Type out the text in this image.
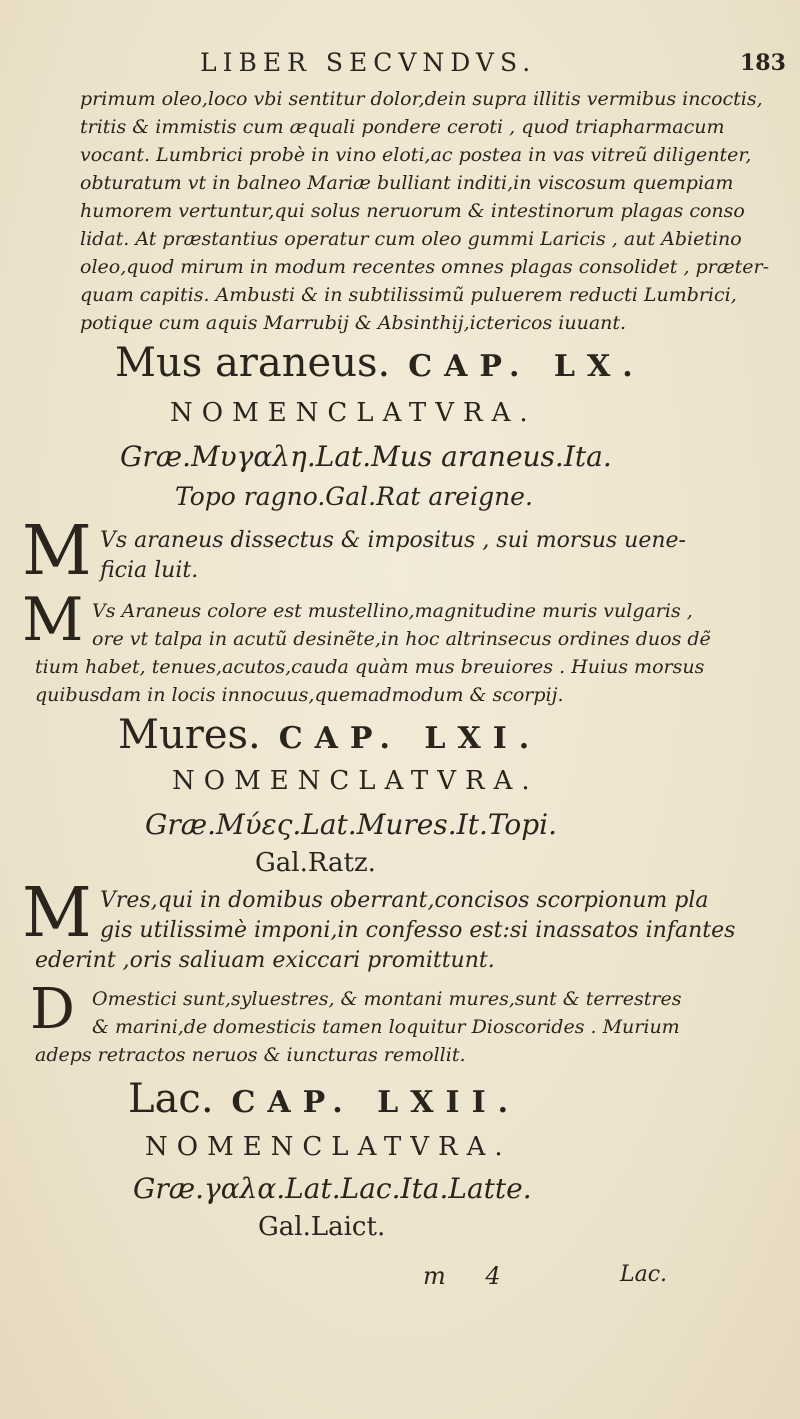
LIBER SECVNDVS.	183
primum oleo,loco vbi sentitur dolor,dein supra illitis vermibus incoctis,
tritis & immistis cum æquali pondere ceroti , quod triapharmacum
vocant. Lumbrici probè in vino eloti,ac postea in vas vitreũ diligenter,
obturatum vt in balneo Mariæ bulliant inditi,in viscosum quempiam
humorem vertuntur,qui solus neruorum & intestinorum plagas conso
lidat. At præstantius operatur cum oleo gummi Laricis , aut Abietino
oleo,quod mirum in modum recentes omnes plagas consolidet , præter-
quam capitis. Ambusti & in subtilissimũ puluerem reducti Lumbrici,
potique cum aquis Marrubij & Absinthij,ictericos iuuant.
Mus araneus. CAP. LX.
NOMENCLATVRA.
Græ.Μυγαλη.Lat.Mus araneus.Ita.
Topo ragno.Gal.Rat areigne.
M Vs araneus dissectus & impositus , sui morsus uene-
ficia luit.
M Vs Araneus colore est mustellino,magnitudine muris vulgaris ,
ore vt talpa in acutũ desinẽte,in hoc altrinsecus ordines duos dẽ
tium habet, tenues,acutos,cauda quàm mus breuiores . Huius morsus
quibusdam in locis innocuus,quemadmodum & scorpij.
Mures. CAP. LXI.
NOMENCLATVRA.
Græ.Μύες.Lat.Mures.It.Topi.
Gal.Ratz.
M Vres,qui in domibus oberrant,concisos scorpionum pla
gis utilissimè imponi,in confesso est:si inassatos infantes
ederint ,oris saliuam exiccari promittunt.
D Omestici sunt,syluestres, & montani mures,sunt & terrestres
& marini,de domesticis tamen loquitur Dioscorides . Murium
adeps retractos neruos & iuncturas remollit.
Lac. CAP. LXII.
NOMENCLATVRA.
Græ.γαλα.Lat.Lac.Ita.Latte.
Gal.Laict.
m 4	Lac.
